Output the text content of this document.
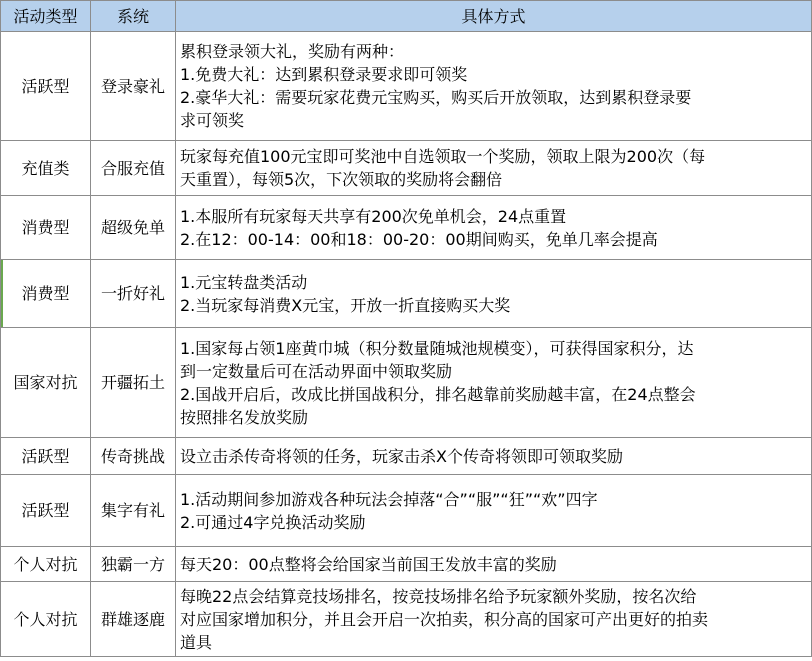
活动类型	系统	具体方式
活跃型	登录豪礼	累积登录领大礼，奖励有两种：
1.免费大礼：达到累积登录要求即可领奖
2.豪华大礼：需要玩家花费元宝购买，购买后开放领取，达到累积登录要
求可领奖

充值类	合服充值	玩家每充值100元宝即可奖池中自选领取一个奖励，领取上限为200次（每
天重置），每领5次，下次领取的奖励将会翻倍

消费型	超级免单	1.本服所有玩家每天共享有200次免单机会，24点重置
2.在12：00-14：00和18：00-20：00期间购买，免单几率会提高

消费型	一折好礼	1.元宝转盘类活动
2.当玩家每消费X元宝，开放一折直接购买大奖

国家对抗	开疆拓土	1.国家每占领1座黄巾城（积分数量随城池规模变），可获得国家积分，达
到一定数量后可在活动界面中领取奖励
2.国战开启后，改成比拼国战积分，排名越靠前奖励越丰富，在24点整会
按照排名发放奖励

活跃型	传奇挑战	设立击杀传奇将领的任务，玩家击杀X个传奇将领即可领取奖励

活跃型	集字有礼	1.活动期间参加游戏各种玩法会掉落“合”“服”“狂”“欢”四字
2.可通过4字兑换活动奖励

个人对抗	独霸一方	每天20：00点整将会给国家当前国王发放丰富的奖励

个人对抗	群雄逐鹿	每晚22点会结算竞技场排名，按竞技场排名给予玩家额外奖励，按名次给
对应国家增加积分，并且会开启一次拍卖，积分高的国家可产出更好的拍卖
道具
